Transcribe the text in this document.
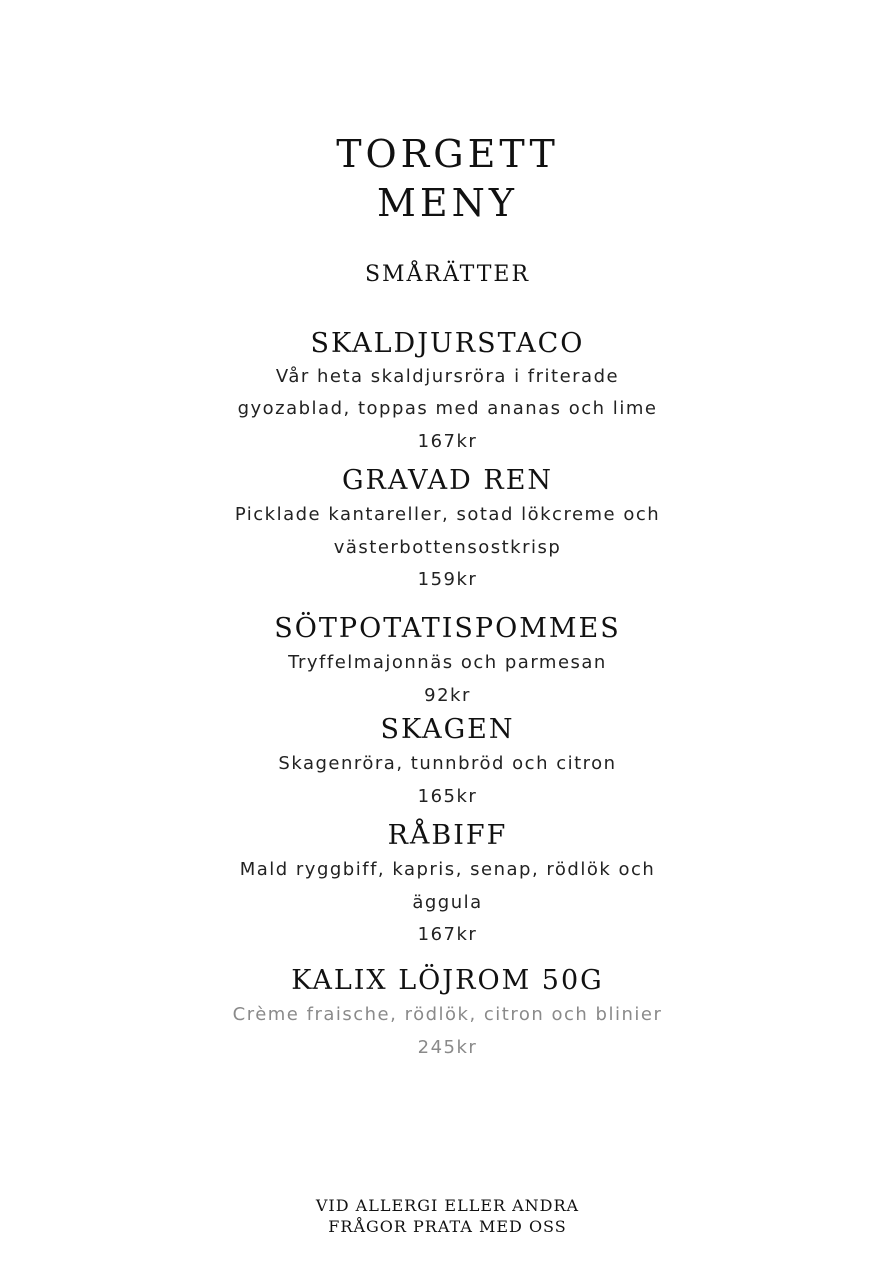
TORGETT
MENY
SMÅRÄTTER
SKALDJURSTACO
Vår heta skaldjursröra i friterade
gyozablad, toppas med ananas och lime
167kr
GRAVAD REN
Picklade kantareller, sotad lökcreme och
västerbottensostkrisp
159kr
SÖTPOTATISPOMMES
Tryffelmajonnäs och parmesan
92kr
SKAGEN
Skagenröra, tunnbröd och citron
165kr
RÅBIFF
Mald ryggbiff, kapris, senap, rödlök och
äggula
167kr
KALIX LÖJROM 50G
Crème fraische, rödlök, citron och blinier
245kr
VID ALLERGI ELLER ANDRA
FRÅGOR PRATA MED OSS
